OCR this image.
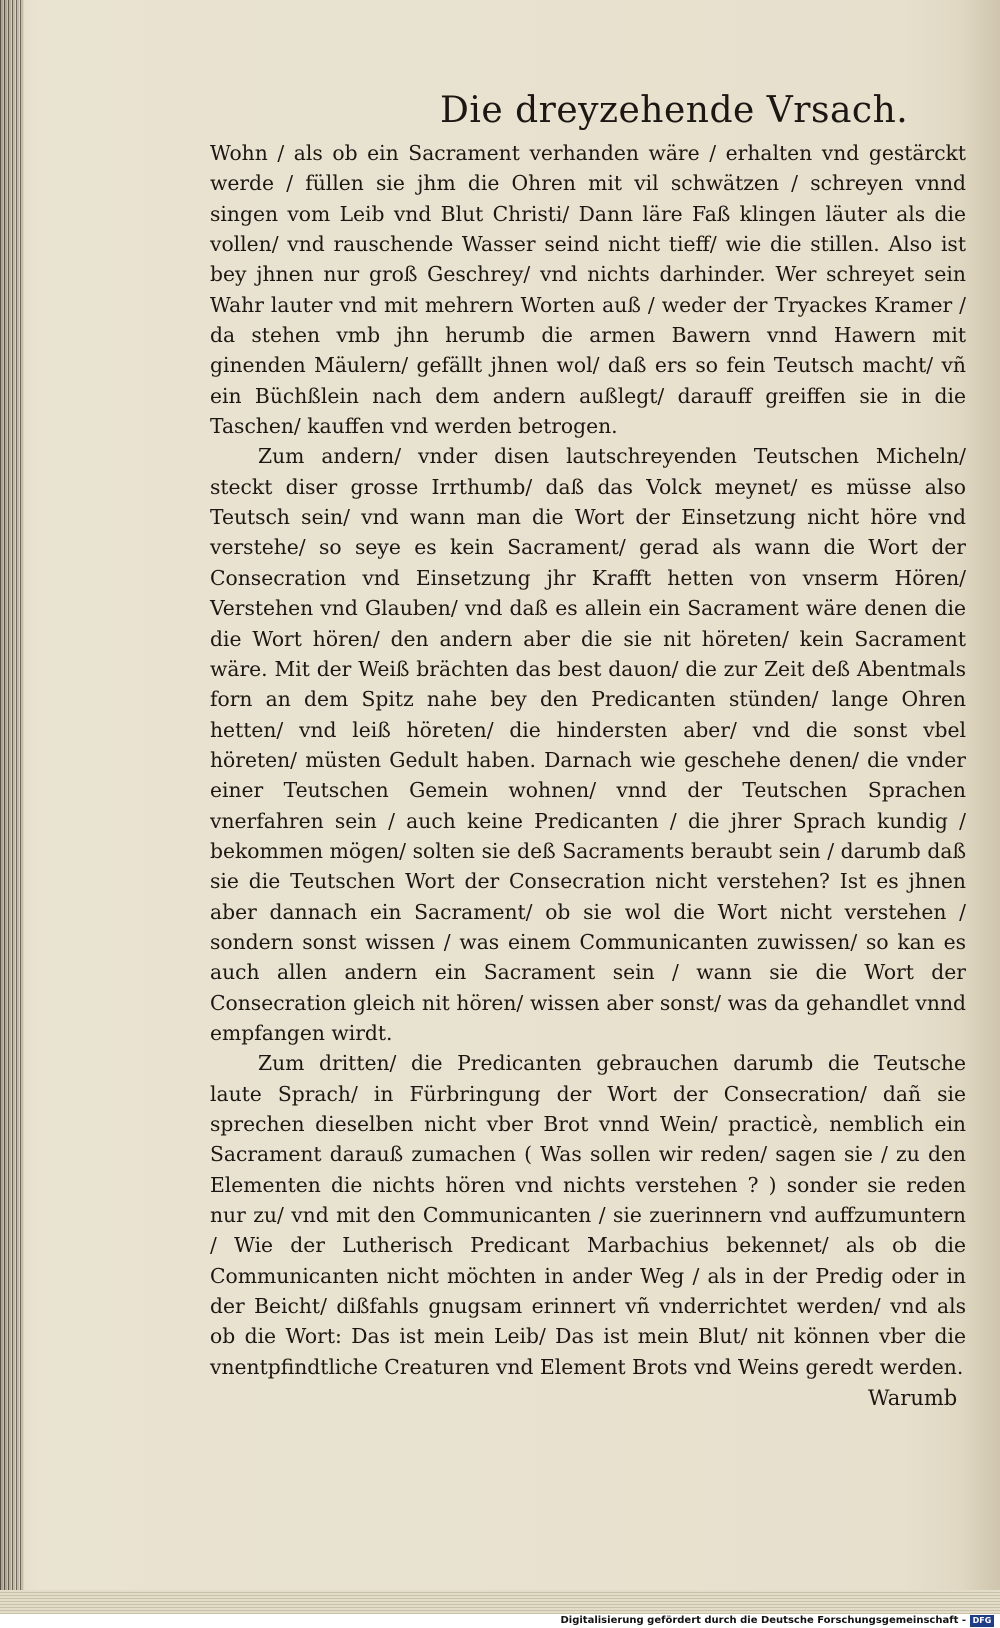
Die dreyzehende Vrsach.

Wohn / als ob ein Sacrament verhanden wäre / erhalten vnd gestärckt werde / füllen sie jhm die Ohren mit vil schwätzen / schreyen vnnd singen vom Leib vnd Blut Christi/ Dann läre Faß klingen läuter als die vollen/ vnd rauschende Wasser seind nicht tieff/ wie die stillen. Also ist bey jhnen nur groß Geschrey/ vnd nichts darhinder. Wer schreyet sein Wahr lauter vnd mit mehrern Worten auß / weder der Tryackes Kramer / da stehen vmb jhn herumb die armen Bawern vnnd Hawern mit ginenden Mäulern/ gefällt jhnen wol/ daß ers so fein Teutsch macht/ vñ ein Büchßlein nach dem andern außlegt/ darauff greiffen sie in die Taschen/ kauffen vnd werden betrogen.

Zum andern/ vnder disen lautschreyenden Teutschen Micheln/ steckt diser grosse Irrthumb/ daß das Volck meynet/ es müsse also Teutsch sein/ vnd wann man die Wort der Einsetzung nicht höre vnd verstehe/ so seye es kein Sacrament/ gerad als wann die Wort der Consecration vnd Einsetzung jhr Krafft hetten von vnserm Hören/ Verstehen vnd Glauben/ vnd daß es allein ein Sacrament wäre denen die die Wort hören/ den andern aber die sie nit höreten/ kein Sacrament wäre. Mit der Weiß brächten das best dauon/ die zur Zeit deß Abentmals forn an dem Spitz nahe bey den Predicanten stünden/ lange Ohren hetten/ vnd leiß höreten/ die hindersten aber/ vnd die sonst vbel höreten/ müsten Gedult haben. Darnach wie geschehe denen/ die vnder einer Teutschen Gemein wohnen/ vnnd der Teutschen Sprachen vnerfahren sein / auch keine Predicanten / die jhrer Sprach kundig / bekommen mögen/ solten sie deß Sacraments beraubt sein / darumb daß sie die Teutschen Wort der Consecration nicht verstehen? Ist es jhnen aber dannach ein Sacrament/ ob sie wol die Wort nicht verstehen / sondern sonst wissen / was einem Communicanten zuwissen/ so kan es auch allen andern ein Sacrament sein / wann sie die Wort der Consecration gleich nit hören/ wissen aber sonst/ was da gehandlet vnnd empfangen wirdt.

Zum dritten/ die Predicanten gebrauchen darumb die Teutsche laute Sprach/ in Fürbringung der Wort der Consecration/ dañ sie sprechen dieselben nicht vber Brot vnnd Wein/ practicè, nemblich ein Sacrament darauß zumachen ( Was sollen wir reden/ sagen sie / zu den Elementen die nichts hören vnd nichts verstehen ? ) sonder sie reden nur zu/ vnd mit den Communicanten / sie zuerinnern vnd auffzumuntern / Wie der Lutherisch Predicant Marbachius bekennet/ als ob die Communicanten nicht möchten in ander Weg / als in der Predig oder in der Beicht/ dißfahls gnugsam erinnert vñ vnderrichtet werden/ vnd als ob die Wort: Das ist mein Leib/ Das ist mein Blut/ nit können vber die vnentpfindtliche Creaturen vnd Element Brots vnd Weins geredt werden.

Warumb
Digitalisierung gefördert durch die Deutsche Forschungsgemeinschaft - DFG
